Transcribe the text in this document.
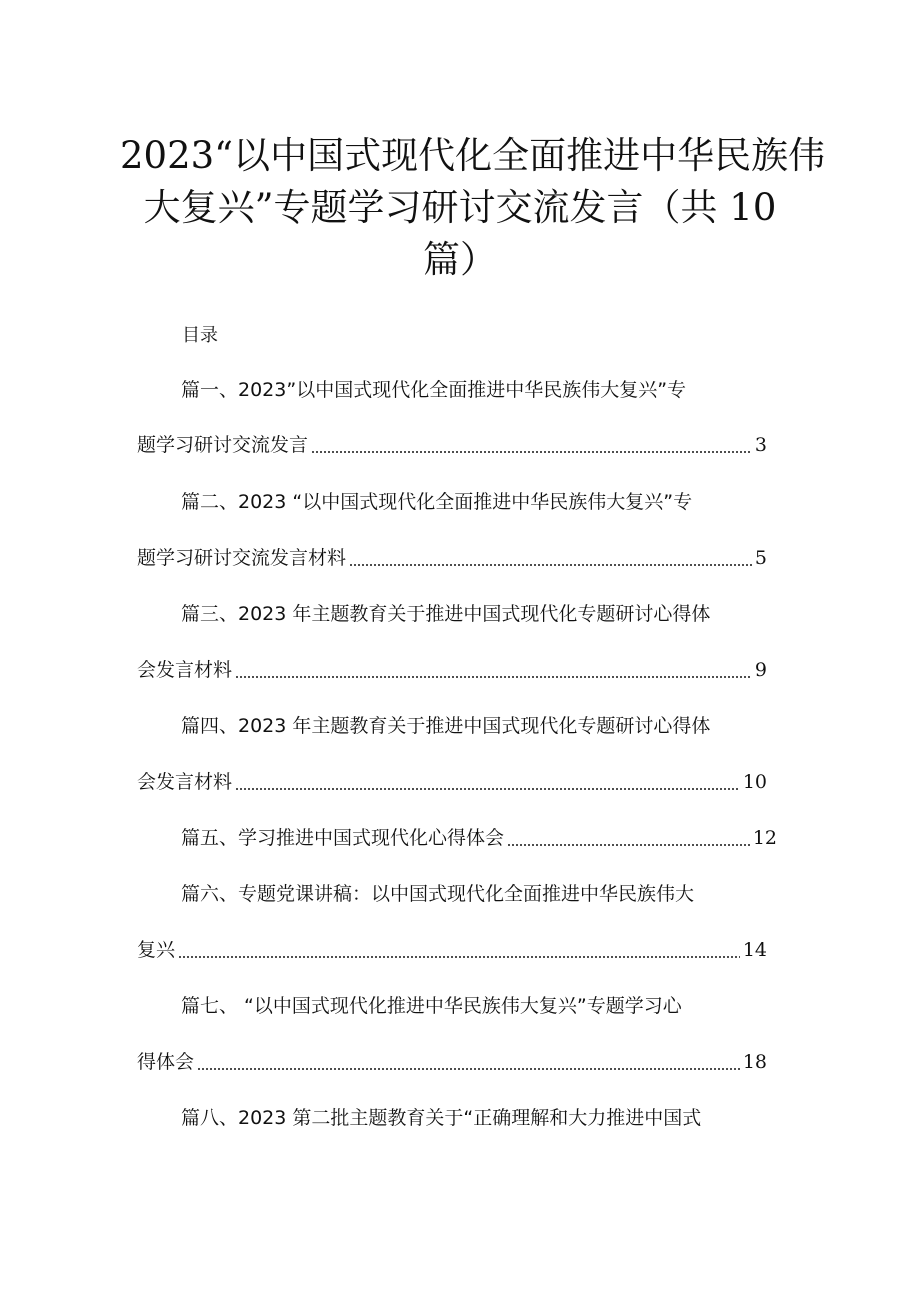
2023“以中国式现代化全面推进中华民族伟
大复兴”专题学习研讨交流发言（共 10
篇）
目录
篇一、2023”以中国式现代化全面推进中华民族伟大复兴”专
题学习研讨交流发言	3
篇二、2023 “以中国式现代化全面推进中华民族伟大复兴”专
题学习研讨交流发言材料	5
篇三、2023 年主题教育关于推进中国式现代化专题研讨心得体
会发言材料	9
篇四、2023 年主题教育关于推进中国式现代化专题研讨心得体
会发言材料	10
篇五、学习推进中国式现代化心得体会	12
篇六、专题党课讲稿：以中国式现代化全面推进中华民族伟大
复兴	14
篇七、 “以中国式现代化推进中华民族伟大复兴”专题学习心
得体会	18
篇八、2023 第二批主题教育关于“正确理解和大力推进中国式
